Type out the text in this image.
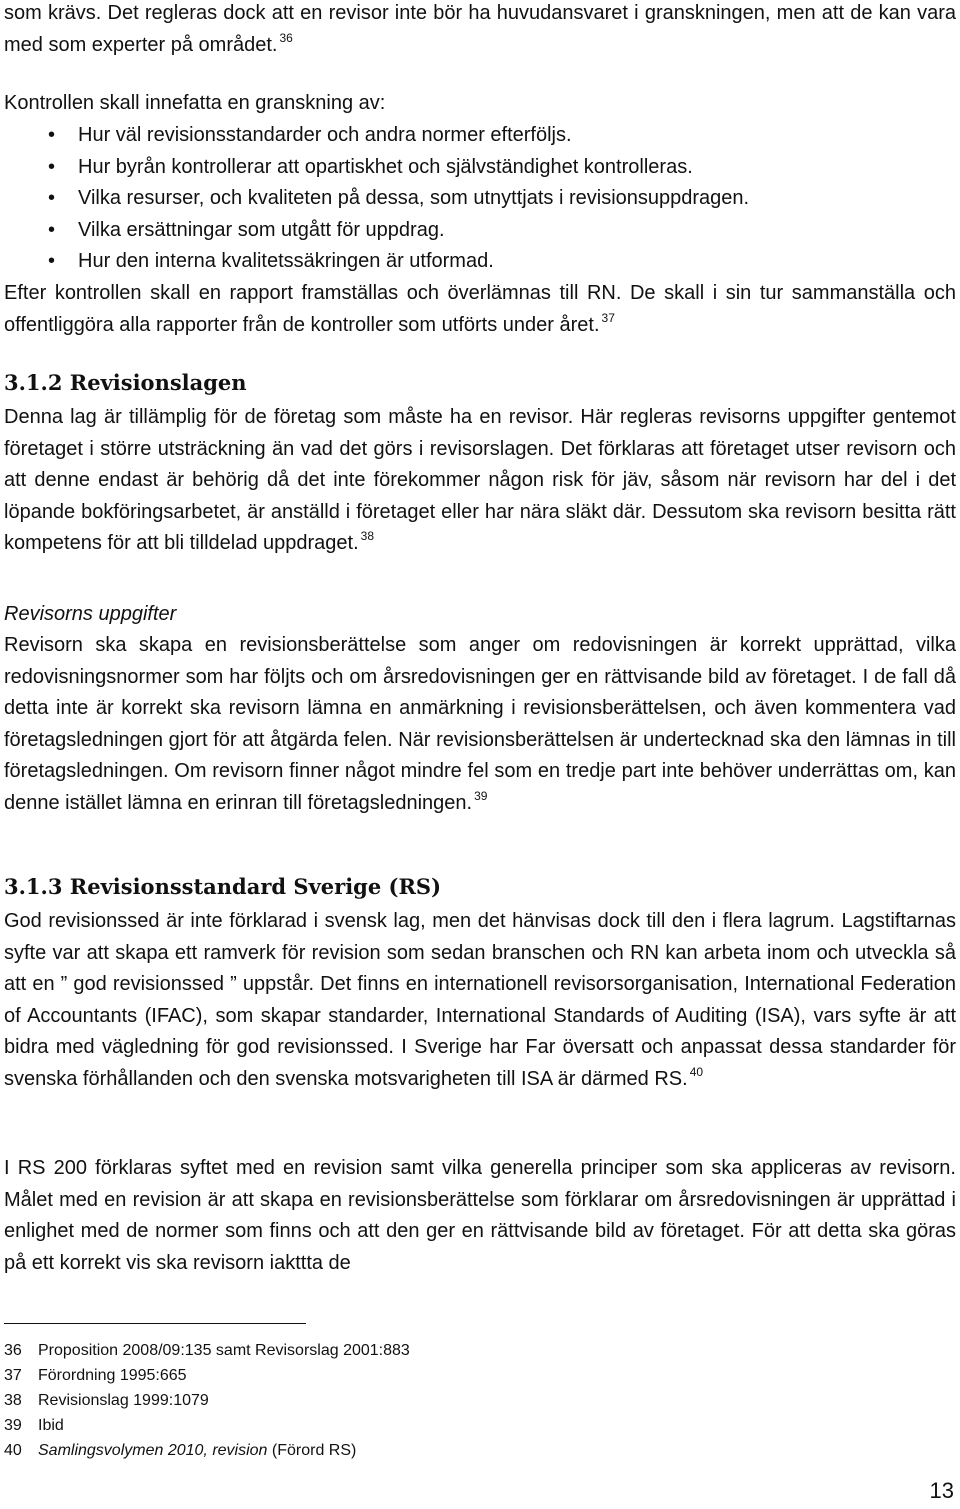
som krävs. Det regleras dock att en revisor inte bör ha huvudansvaret i granskningen, men att de kan vara med som experter på området. $^{36}$

Kontrollen skall innefatta en granskning av:

• Hur väl revisionsstandarder och andra normer efterföljs.
• Hur byrån kontrollerar att opartiskhet och självständighet kontrolleras.
• Vilka resurser, och kvaliteten på dessa, som utnyttjats i revisionsuppdragen.
• Vilka ersättningar som utgått för uppdrag.
• Hur den interna kvalitetssäkringen är utformad.

Efter kontrollen skall en rapport framställas och överlämnas till RN. De skall i sin tur sammanställa och offentliggöra alla rapporter från de kontroller som utförts under året. $^{37}$

3.1.2 Revisionslagen

Denna lag är tillämplig för de företag som måste ha en revisor. Här regleras revisorns uppgifter gentemot företaget i större utsträckning än vad det görs i revisorslagen. Det förklaras att företaget utser revisorn och att denne endast är behörig då det inte förekommer någon risk för jäv, såsom när revisorn har del i det löpande bokföringsarbetet, är anställd i företaget eller har nära släkt där. Dessutom ska revisorn besitta rätt kompetens för att bli tilldelad uppdraget. $^{38}$

Revisorns uppgifter

Revisorn ska skapa en revisionsberättelse som anger om redovisningen är korrekt upprättad, vilka redovisningsnormer som har följts och om årsredovisningen ger en rättvisande bild av företaget. I de fall då detta inte är korrekt ska revisorn lämna en anmärkning i revisionsberättelsen, och även kommentera vad företagsledningen gjort för att åtgärda felen. När revisionsberättelsen är undertecknad ska den lämnas in till företagsledningen. Om revisorn finner något mindre fel som en tredje part inte behöver underrättas om, kan denne istället lämna en erinran till företagsledningen. $^{39}$

3.1.3 Revisionsstandard Sverige (RS)

God revisionssed är inte förklarad i svensk lag, men det hänvisas dock till den i flera lagrum. Lagstiftarnas syfte var att skapa ett ramverk för revision som sedan branschen och RN kan arbeta inom och utveckla så att en ” god revisionssed ” uppstår. Det finns en internationell revisorsorganisation, International Federation of Accountants (IFAC), som skapar standarder, International Standards of Auditing (ISA), vars syfte är att bidra med vägledning för god revisionssed. I Sverige har Far översatt och anpassat dessa standarder för svenska förhållanden och den svenska motsvarigheten till ISA är därmed RS. $^{40}$

I RS 200 förklaras syftet med en revision samt vilka generella principer som ska appliceras av revisorn. Målet med en revision är att skapa en revisionsberättelse som förklarar om årsredovisningen är upprättad i enlighet med de normer som finns och att den ger en rättvisande bild av företaget. För att detta ska göras på ett korrekt vis ska revisorn iakttta de

36 Proposition 2008/09:135 samt Revisorslag 2001:883
37 Förordning 1995:665
38 Revisionslag 1999:1079
39 Ibid
40 Samlingsvolymen 2010, revision (Förord RS)
13
